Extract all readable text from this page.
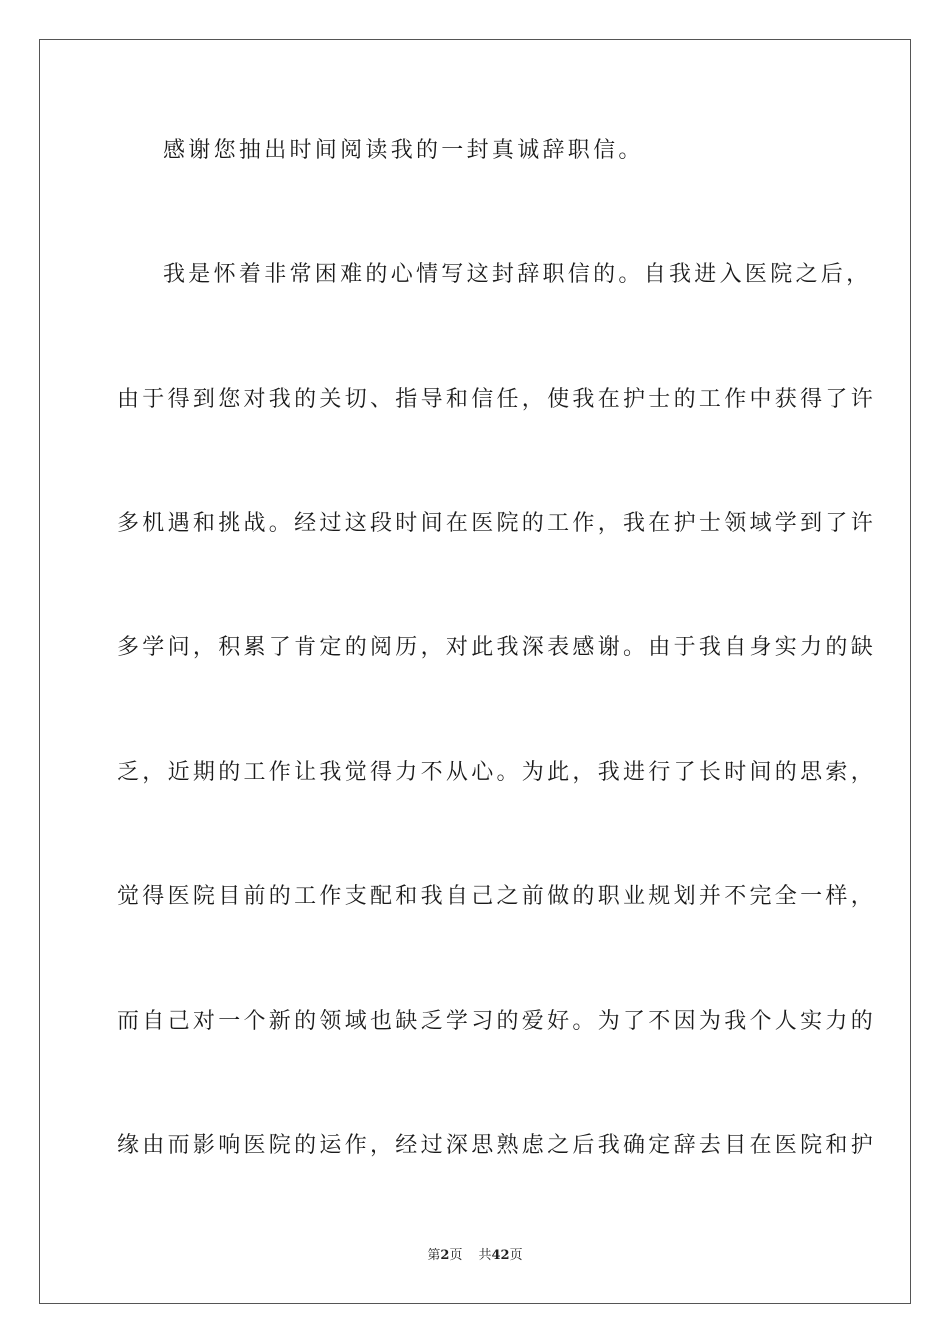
感谢您抽出时间阅读我的一封真诚辞职信。
我是怀着非常困难的心情写这封辞职信的。自我进入医院之后，
由于得到您对我的关切、指导和信任，使我在护士的工作中获得了许
多机遇和挑战。经过这段时间在医院的工作，我在护士领域学到了许
多学问，积累了肯定的阅历，对此我深表感谢。由于我自身实力的缺
乏，近期的工作让我觉得力不从心。为此，我进行了长时间的思索，
觉得医院目前的工作支配和我自己之前做的职业规划并不完全一样，
而自己对一个新的领域也缺乏学习的爱好。为了不因为我个人实力的
缘由而影响医院的运作，经过深思熟虑之后我确定辞去目在医院和护
第2页 共42页
